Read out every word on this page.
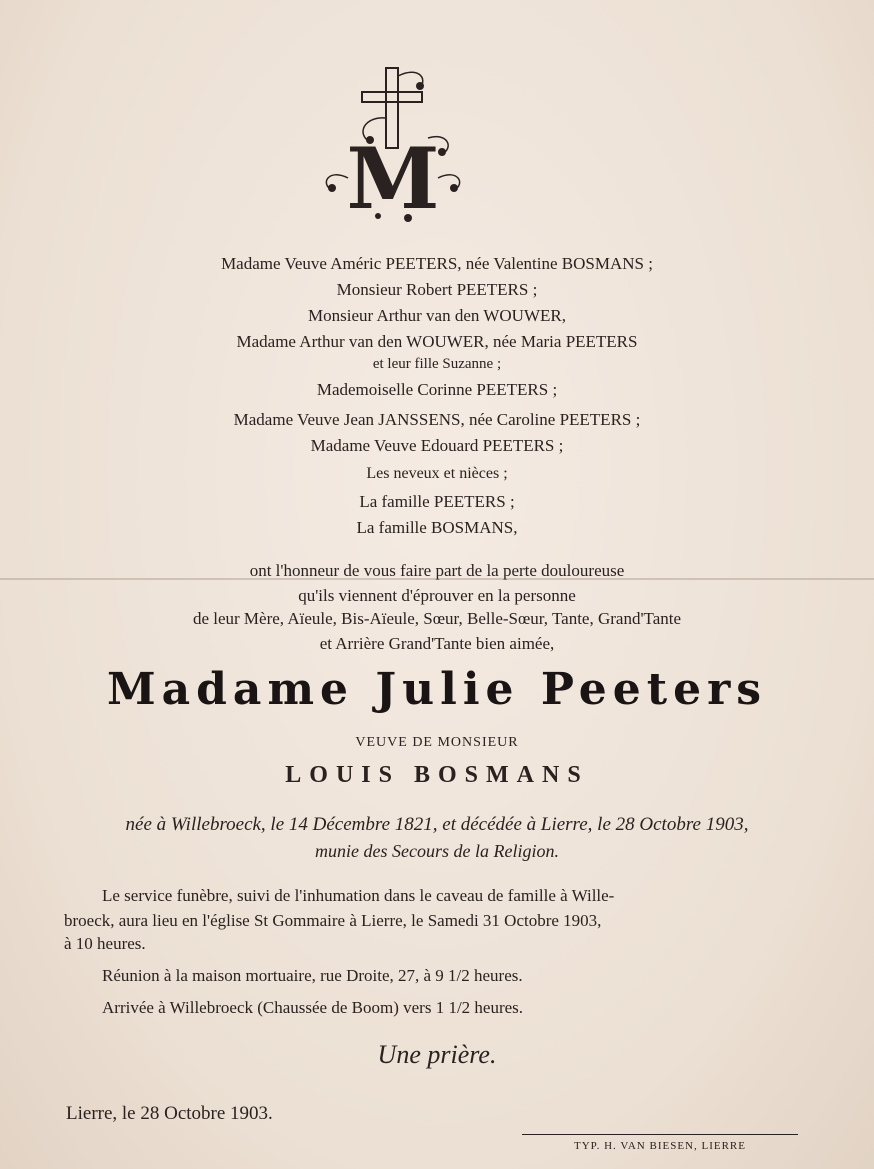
M
Madame Veuve Améric PEETERS, née Valentine BOSMANS ;
Monsieur Robert PEETERS ;
Monsieur Arthur van den WOUWER,
Madame Arthur van den WOUWER, née Maria PEETERS
et leur fille Suzanne ;
Mademoiselle Corinne PEETERS ;
Madame Veuve Jean JANSSENS, née Caroline PEETERS ;
Madame Veuve Edouard PEETERS ;
Les neveux et nièces ;
La famille PEETERS ;
La famille BOSMANS,
ont l'honneur de vous faire part de la perte douloureuse
qu'ils viennent d'éprouver en la personne
de leur Mère, Aïeule, Bis-Aïeule, Sœur, Belle-Sœur, Tante, Grand'Tante
et Arrière Grand'Tante bien aimée,
Madame Julie Peeters
VEUVE DE MONSIEUR
LOUIS BOSMANS
née à Willebroeck, le 14 Décembre 1821, et décédée à Lierre, le 28 Octobre 1903,
munie des Secours de la Religion.
Le service funèbre, suivi de l'inhumation dans le caveau de famille à Wille-
broeck, aura lieu en l'église St Gommaire à Lierre, le Samedi 31 Octobre 1903,
à 10 heures.
Réunion à la maison mortuaire, rue Droite, 27, à 9 1/2 heures.
Arrivée à Willebroeck (Chaussée de Boom) vers 1 1/2 heures.
Une prière.
Lierre, le 28 Octobre 1903.
TYP. H. VAN BIESEN, LIERRE
